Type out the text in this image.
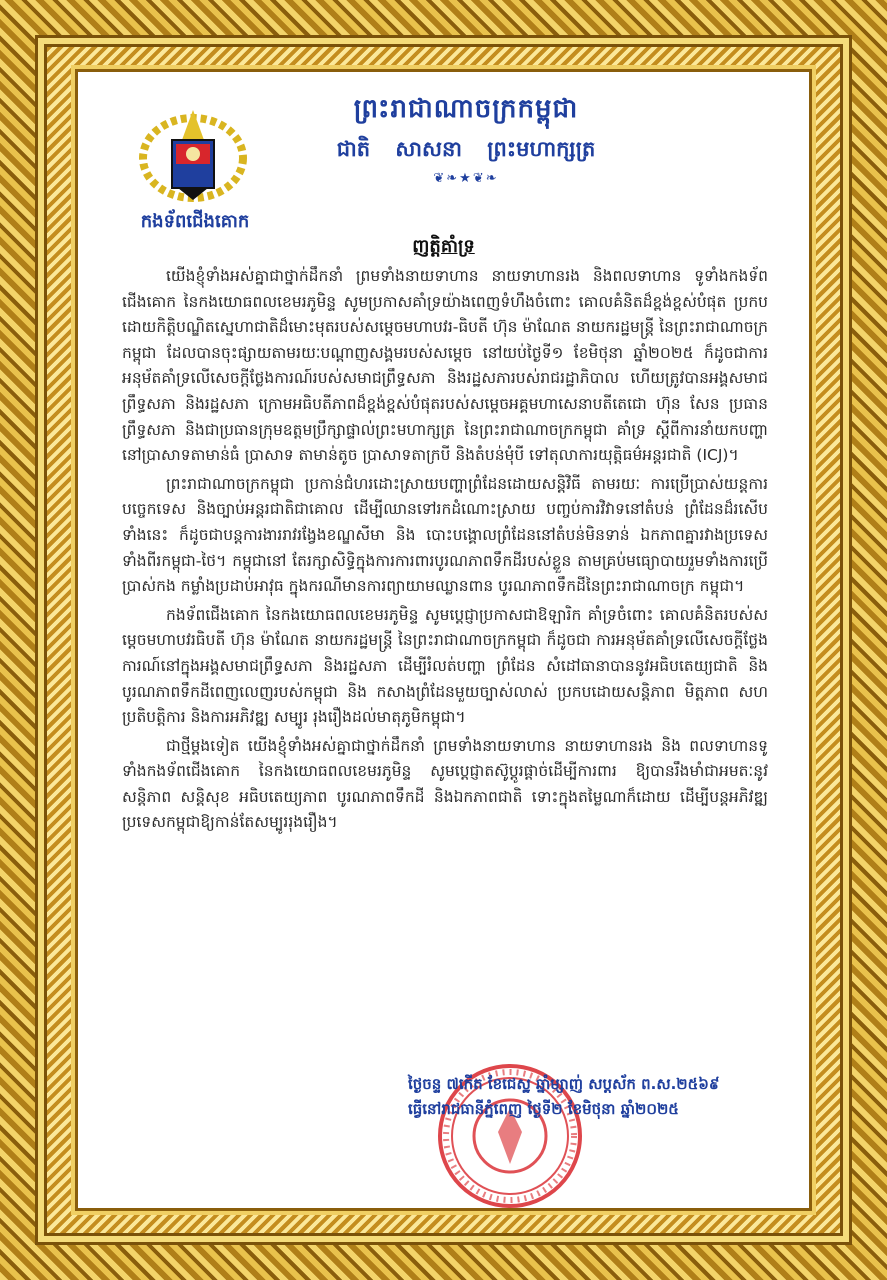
កងទ័ពជើងគោក
ព្រះរាជាណាចក្រកម្ពុជា
ជាតិ សាសនា ព្រះមហាក្សត្រ
❦❧★❦❧
ញត្តិគាំទ្រ

យើងខ្ញុំទាំងអស់គ្នាជាថ្នាក់ដឹកនាំ ព្រមទាំងនាយទាហាន នាយទាហានរង និងពលទាហាន ទូទាំងកងទ័ពជើងគោក នៃកងយោធពលខេមរភូមិន្ទ សូមប្រកាសគាំទ្រយ៉ាងពេញទំហឹងចំពោះ គោលគំនិតដ៏ខ្ពង់ខ្ពស់បំផុត ប្រកបដោយកិត្តិបណ្ឌិតស្នេហាជាតិដ៏មោះមុតរបស់សម្តេចមហាបវរ-ធិបតី ហ៊ុន ម៉ាណែត នាយករដ្ឋមន្ត្រី នៃព្រះរាជាណាចក្រកម្ពុជា ដែលបានចុះផ្សាយតាមរយៈបណ្តាញសង្គមរបស់សម្តេច នៅយប់ថ្ងៃទី១ ខែមិថុនា ឆ្នាំ២០២៥ ក៏ដូចជាការអនុម័តគាំទ្រលើសេចក្តីថ្លែងការណ៍របស់សមាជព្រឹទ្ធសភា និងរដ្ឋសភារបស់រាជរដ្ឋាភិបាល ហើយត្រូវបានអង្គសមាជព្រឹទ្ធសភា និងរដ្ឋសភា ក្រោមអធិបតីភាពដ៏ខ្ពង់ខ្ពស់បំផុតរបស់សម្តេចអគ្គមហាសេនាបតីតេជោ ហ៊ុន សែន ប្រធានព្រឹទ្ធសភា និងជាប្រធានក្រុមឧត្តមប្រឹក្សាផ្ទាល់ព្រះមហាក្សត្រ នៃព្រះរាជាណាចក្រកម្ពុជា គាំទ្រ ស្តីពីការនាំយកបញ្ហានៅប្រាសាទតាមាន់ធំ ប្រាសាទ តាមាន់តូច ប្រាសាទតាក្របី និងតំបន់មុំបី ទៅតុលាការយុត្តិធម៌អន្តរជាតិ (ICJ)។

ព្រះរាជាណាចក្រកម្ពុជា ប្រកាន់ជំហរដោះស្រាយបញ្ហាព្រំដែនដោយសន្តិវិធី តាមរយៈ ការប្រើប្រាស់យន្តការបច្ចេកទេស និងច្បាប់អន្តរជាតិជាគោល ដើម្បីឈានទៅរកដំណោះស្រាយ បញ្ចប់ការវិវាទនៅតំបន់ ព្រំដែនដ៏រសើបទាំងនេះ ក៏ដូចជាបន្តការងាររាវរង្វែងខណ្ឌសីមា និង បោះបង្គោលព្រំដែននៅតំបន់មិនទាន់ ឯកភាពគ្នារវាងប្រទេសទាំងពីរកម្ពុជា-ថៃ។ កម្ពុជានៅ តែរក្សាសិទ្ធិក្នុងការការពារបូរណភាពទឹកដីរបស់ខ្លួន តាមគ្រប់មធ្យោបាយរួមទាំងការប្រើប្រាស់កង កម្លាំងប្រដាប់អាវុធ ក្នុងករណីមានការព្យាយាមឈ្លានពាន បូរណភាពទឹកដីនៃព្រះរាជាណាចក្រ កម្ពុជា។

កងទ័ពជើងគោក នៃកងយោធពលខេមរភូមិន្ទ សូមប្តេជ្ញាប្រកាសជាឱឡារិក គាំទ្រចំពោះ គោលគំនិតរបស់សម្តេចមហាបវរធិបតី ហ៊ុន ម៉ាណែត នាយករដ្ឋមន្ត្រី នៃព្រះរាជាណាចក្រកម្ពុជា ក៏ដូចជា ការអនុម័តគាំទ្រលើសេចក្តីថ្លែងការណ៍នៅក្នុងអង្គសមាជព្រឹទ្ធសភា និងរដ្ឋសភា ដើម្បីរំលត់បញ្ហា ព្រំដែន សំដៅធានាបាននូវអធិបតេយ្យជាតិ និងបូរណភាពទឹកដីពេញលេញរបស់កម្ពុជា និង កសាងព្រំដែនមួយច្បាស់លាស់ ប្រកបដោយសន្តិភាព មិត្តភាព សហប្រតិបត្តិការ និងការអភិវឌ្ឍ សម្បូរ រុងរឿងដល់មាតុភូមិកម្ពុជា។

ជាថ្មីម្តងទៀត យើងខ្ញុំទាំងអស់គ្នាជាថ្នាក់ដឹកនាំ ព្រមទាំងនាយទាហាន នាយទាហានរង និង ពលទាហានទូទាំងកងទ័ពជើងគោក នៃកងយោធពលខេមរភូមិន្ទ សូមប្តេជ្ញាតស៊ូប្តូរផ្តាច់ដើម្បីការពារ ឱ្យបានរឹងមាំជាអមតៈនូវសន្តិភាព សន្តិសុខ អធិបតេយ្យភាព បូរណភាពទឹកដី និងឯកភាពជាតិ ទោះក្នុងតម្លៃណាក៏ដោយ ដើម្បីបន្តអភិវឌ្ឍប្រទេសកម្ពុជាឱ្យកាន់តែសម្បូររុងរឿង។

ថ្ងៃចន្ទ ៧កើត ខែជេស្ឋ ឆ្នាំម្សាញ់ សប្តស័ក ព.ស.២៥៦៩
ធ្វើនៅរាជធានីភ្នំពេញ ថ្ងៃទី២ ខែមិថុនា ឆ្នាំ២០២៥
